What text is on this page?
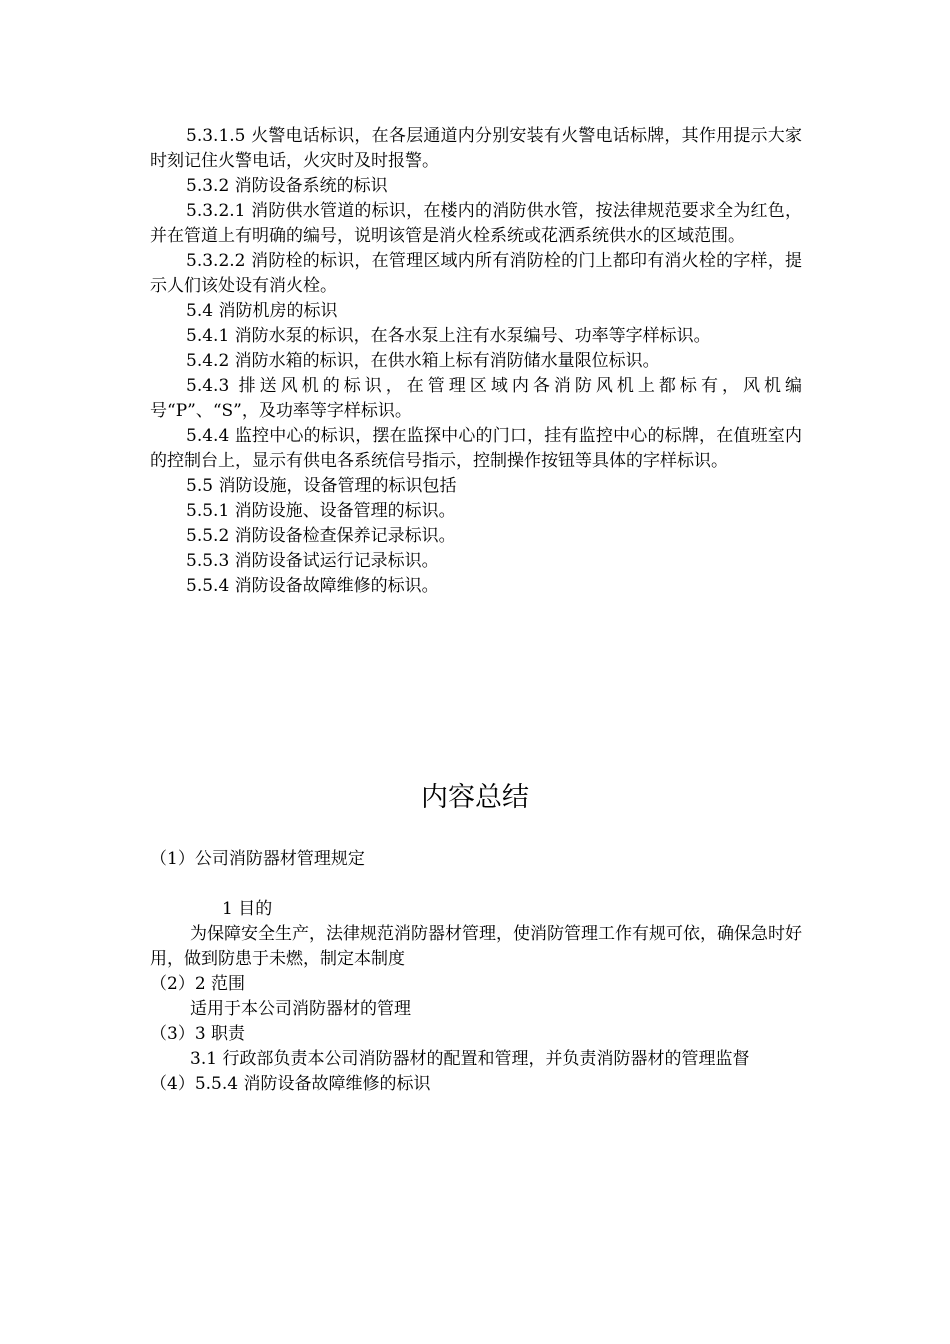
5.3.1.5 火警电话标识，在各层通道内分别安装有火警电话标牌，其作用提示大家时刻记住火警电话，火灾时及时报警。

5.3.2 消防设备系统的标识

5.3.2.1 消防供水管道的标识，在楼内的消防供水管，按法律规范要求全为红色，并在管道上有明确的编号，说明该管是消火栓系统或花洒系统供水的区域范围。

5.3.2.2 消防栓的标识，在管理区域内所有消防栓的门上都印有消火栓的字样，提示人们该处设有消火栓。

5.4 消防机房的标识

5.4.1 消防水泵的标识，在各水泵上注有水泵编号、功率等字样标识。

5.4.2 消防水箱的标识，在供水箱上标有消防储水量限位标识。

5.4.3 排送风机的标识，在管理区域内各消防风机上都标有，风机编号“P”、“S”，及功率等字样标识。

5.4.4 监控中心的标识，摆在监探中心的门口，挂有监控中心的标牌，在值班室内的控制台上，显示有供电各系统信号指示，控制操作按钮等具体的字样标识。

5.5 消防设施，设备管理的标识包括

5.5.1 消防设施、设备管理的标识。

5.5.2 消防设备检查保养记录标识。

5.5.3 消防设备试运行记录标识。

5.5.4 消防设备故障维修的标识。

内容总结

（1）公司消防器材管理规定

1 目的

为保障安全生产，法律规范消防器材管理，使消防管理工作有规可依，确保急时好用，做到防患于未燃，制定本制度

（2）2 范围

适用于本公司消防器材的管理

（3）3 职责

3.1 行政部负责本公司消防器材的配置和管理，并负责消防器材的管理监督

（4）5.5.4 消防设备故障维修的标识
